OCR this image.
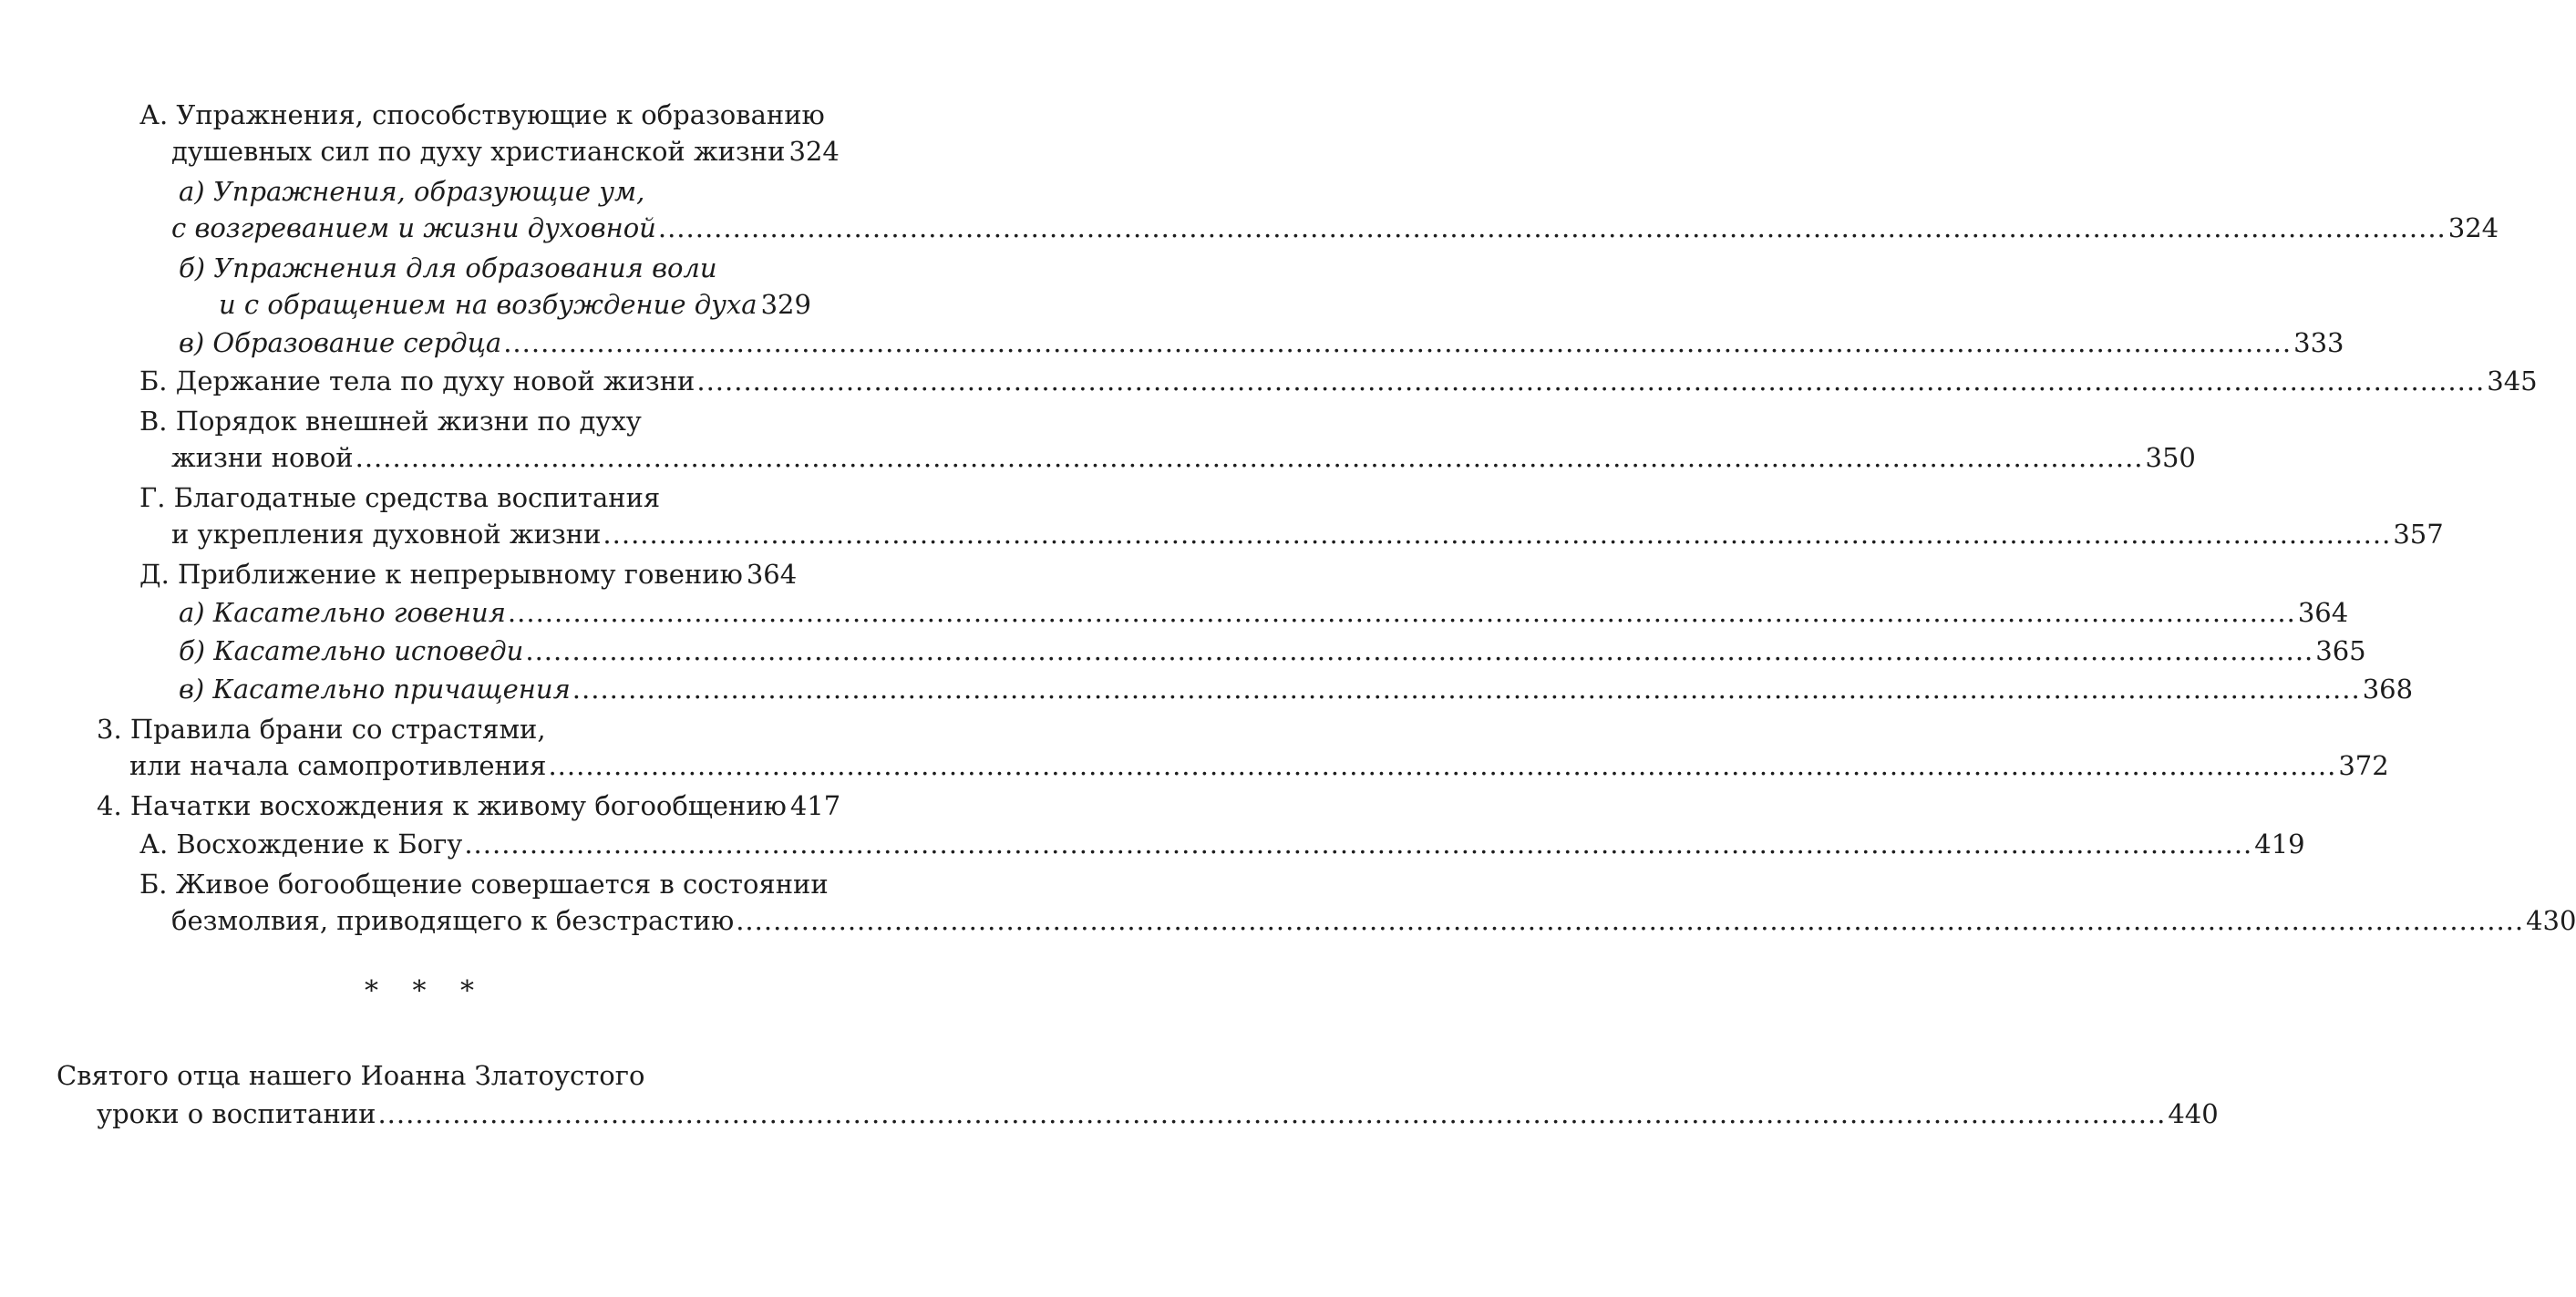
А. Упражнения, способствующие к образованию
душевных сил по духу христианской жизни 324
а) Упражнения, образующие ум,
с возгреванием и жизни духовной .....	324
б) Упражнения для образования воли
и с обращением на возбуждение духа 329
в) Образование сердца .....	333
Б. Держание тела по духу новой жизни .....	345
В. Порядок внешней жизни по духу
жизни новой .....	350
Г. Благодатные средства воспитания
и укрепления духовной жизни .....	357
Д. Приближение к непрерывному говению 364
а) Касательно говения .....	364
б) Касательно исповеди .....	365
в) Касательно причащения .....	368
3. Правила брани со страстями,
или начала самопротивления .....	372
4. Начатки восхождения к живому богообщению 417
А. Восхождение к Богу .....	419
Б. Живое богообщение совершается в состоянии
безмолвия, приводящего к безстрастию .....	430
* * *
Святого отца нашего Иоанна Златоустого
уроки о воспитании .....	440
